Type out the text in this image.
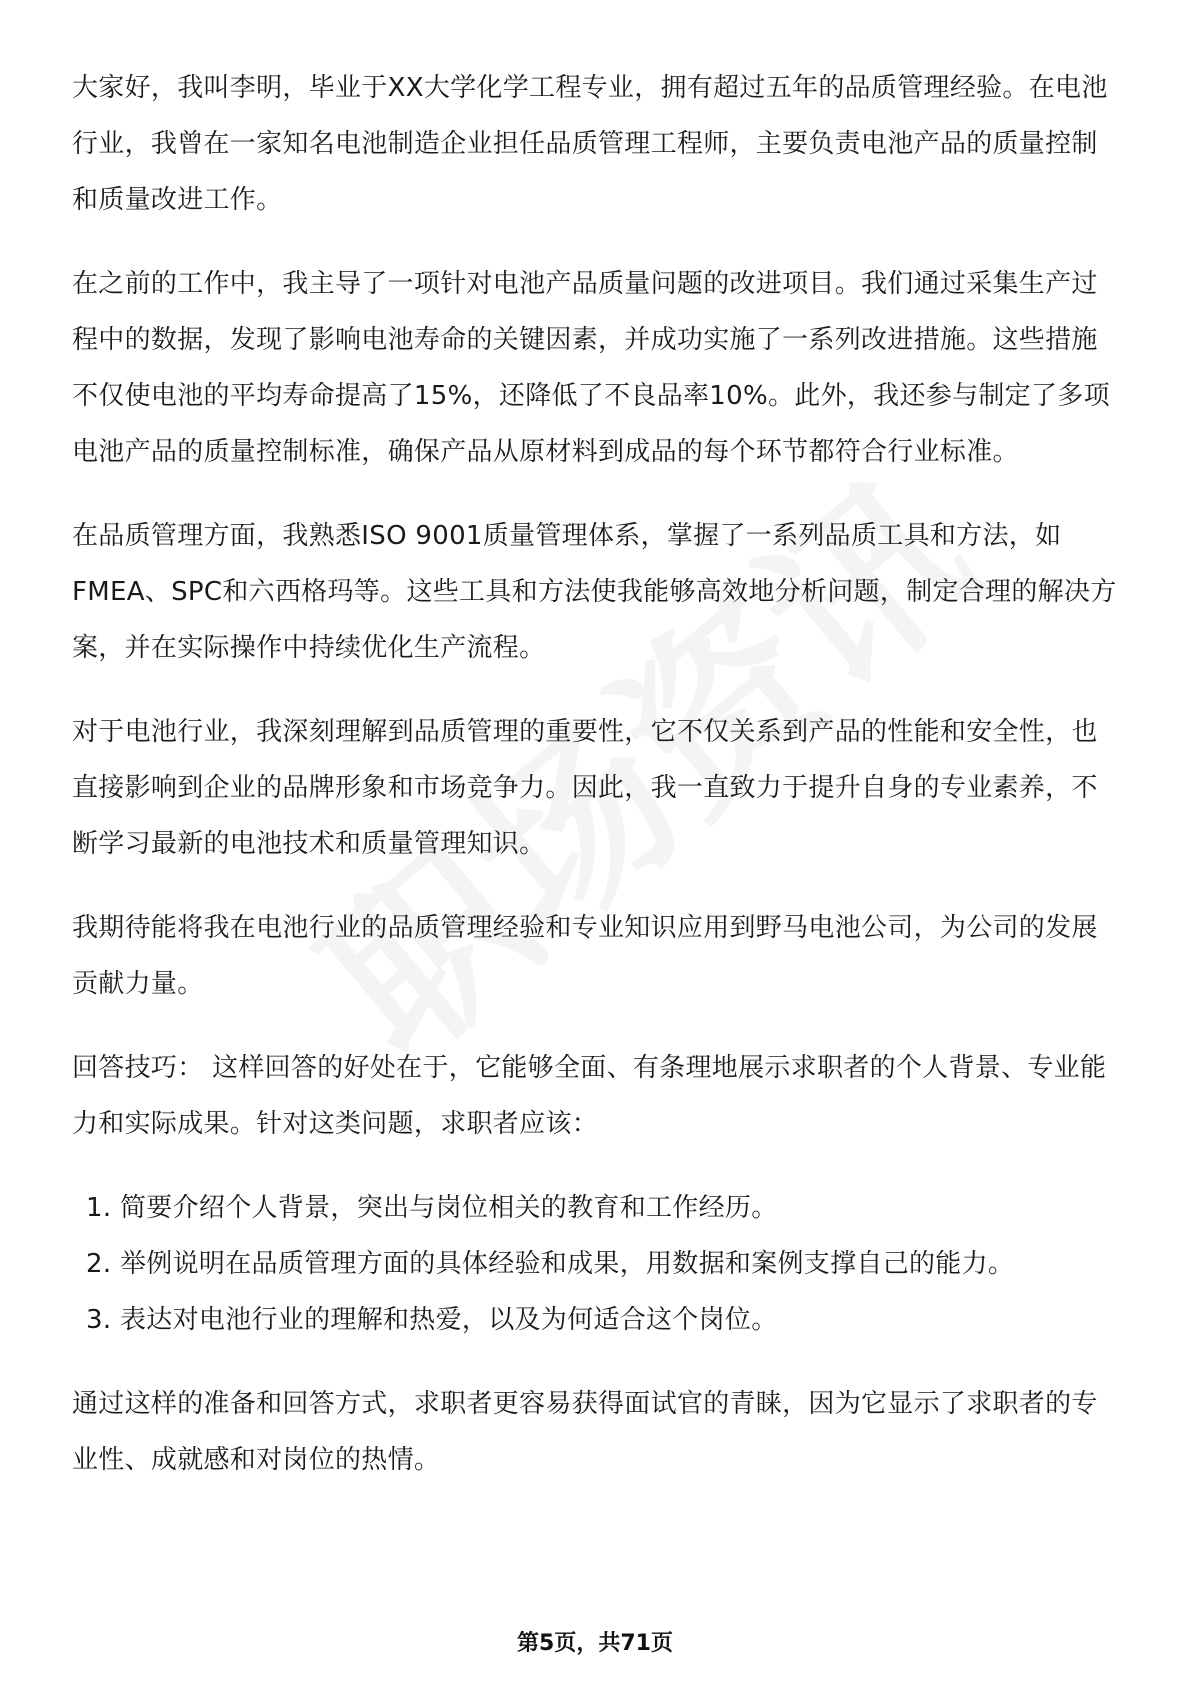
大家好，我叫李明，毕业于XX大学化学工程专业，拥有超过五年的品质管理经验。在电池行业，我曾在一家知名电池制造企业担任品质管理工程师，主要负责电池产品的质量控制和质量改进工作。

在之前的工作中，我主导了一项针对电池产品质量问题的改进项目。我们通过采集生产过程中的数据，发现了影响电池寿命的关键因素，并成功实施了一系列改进措施。这些措施不仅使电池的平均寿命提高了15%，还降低了不良品率10%。此外，我还参与制定了多项电池产品的质量控制标准，确保产品从原材料到成品的每个环节都符合行业标准。

在品质管理方面，我熟悉ISO 9001质量管理体系，掌握了一系列品质工具和方法，如FMEA、SPC和六西格玛等。这些工具和方法使我能够高效地分析问题，制定合理的解决方案，并在实际操作中持续优化生产流程。

对于电池行业，我深刻理解到品质管理的重要性，它不仅关系到产品的性能和安全性，也直接影响到企业的品牌形象和市场竞争力。因此，我一直致力于提升自身的专业素养，不断学习最新的电池技术和质量管理知识。

我期待能将我在电池行业的品质管理经验和专业知识应用到野马电池公司，为公司的发展贡献力量。

回答技巧： 这样回答的好处在于，它能够全面、有条理地展示求职者的个人背景、专业能力和实际成果。针对这类问题，求职者应该：

1. 简要介绍个人背景，突出与岗位相关的教育和工作经历。
2. 举例说明在品质管理方面的具体经验和成果，用数据和案例支撑自己的能力。
3. 表达对电池行业的理解和热爱，以及为何适合这个岗位。

通过这样的准备和回答方式，求职者更容易获得面试官的青睐，因为它显示了求职者的专业性、成就感和对岗位的热情。

第5页，共71页
